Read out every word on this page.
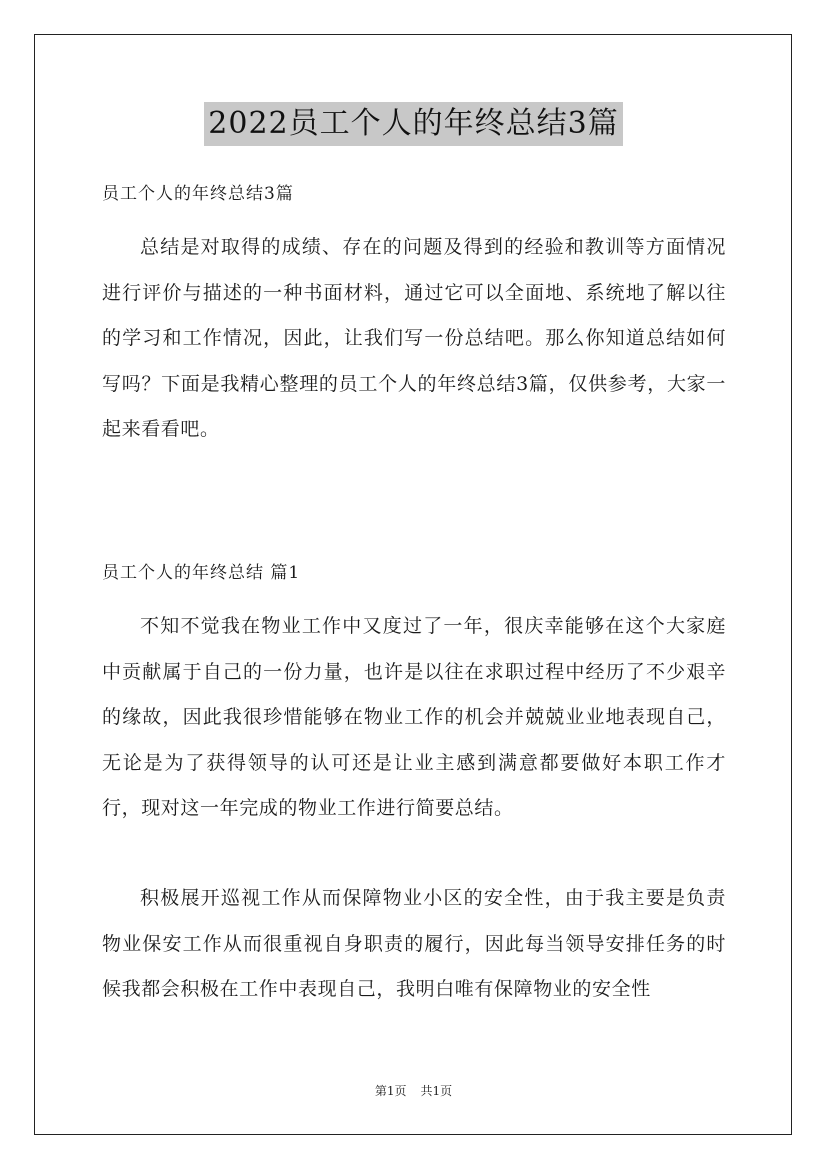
2022员工个人的年终总结3篇
员工个人的年终总结3篇

总结是对取得的成绩、存在的问题及得到的经验和教训等方面情况进行评价与描述的一种书面材料，通过它可以全面地、系统地了解以往的学习和工作情况，因此，让我们写一份总结吧。那么你知道总结如何写吗？下面是我精心整理的员工个人的年终总结3篇，仅供参考，大家一起来看看吧。

员工个人的年终总结 篇1

不知不觉我在物业工作中又度过了一年，很庆幸能够在这个大家庭中贡献属于自己的一份力量，也许是以往在求职过程中经历了不少艰辛的缘故，因此我很珍惜能够在物业工作的机会并兢兢业业地表现自己，无论是为了获得领导的认可还是让业主感到满意都要做好本职工作才行，现对这一年完成的物业工作进行简要总结。

积极展开巡视工作从而保障物业小区的安全性，由于我主要是负责物业保安工作从而很重视自身职责的履行，因此每当领导安排任务的时候我都会积极在工作中表现自己，我明白唯有保障物业的安全性

第1页 共1页
